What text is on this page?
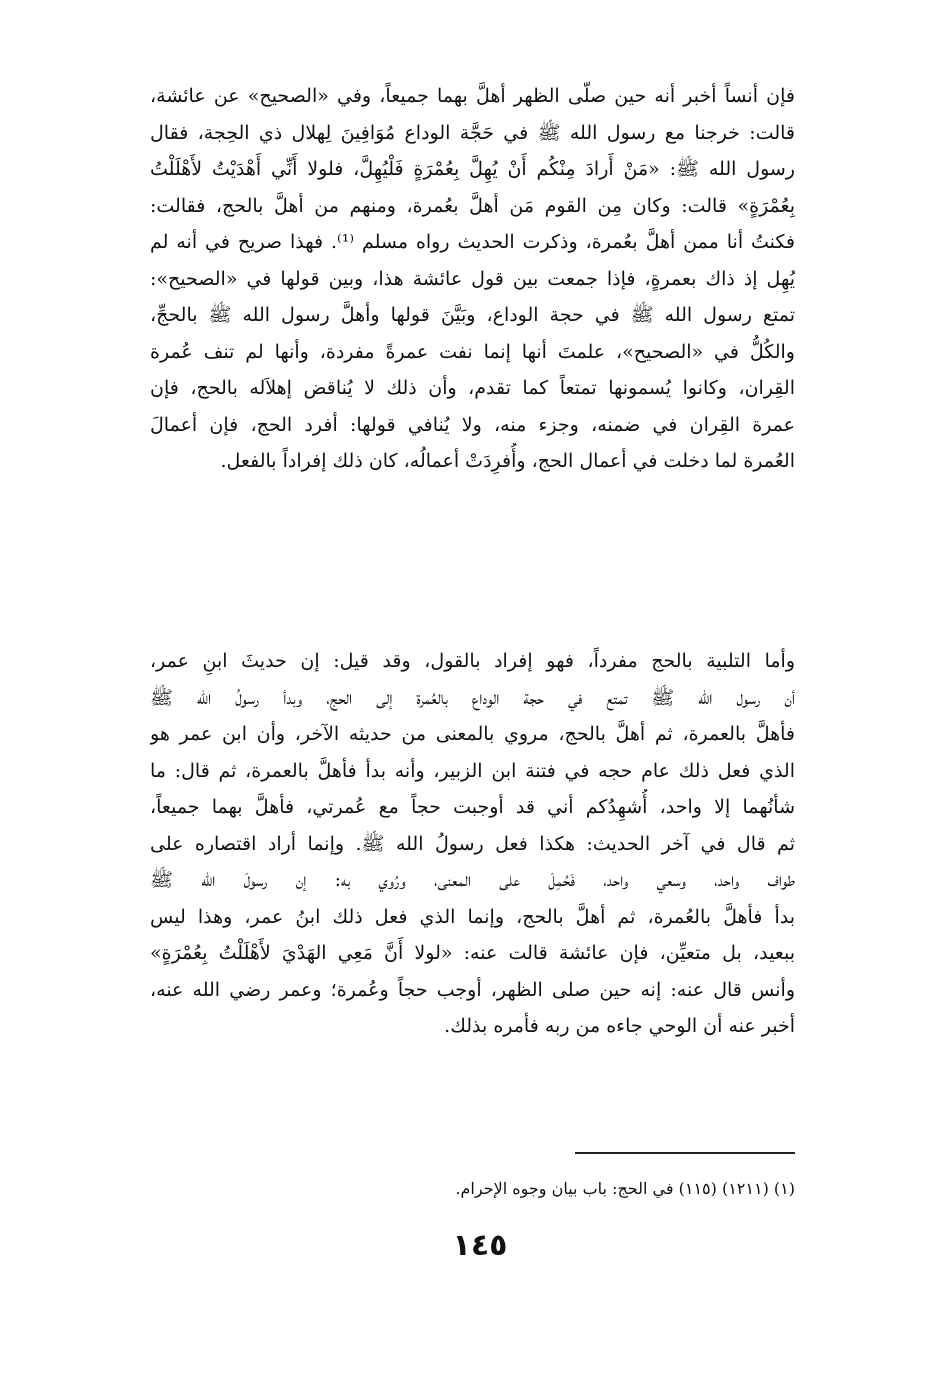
فإن أنساً أخبر أنه حين صلّى الظهر أهلَّ بهما جميعاً، وفي «الصحيح» عن عائشة،
قالت: خرجنا مع رسول الله ﷺ في حَجَّة الوداع مُوَافِينَ لِهلال ذي الحِجة، فقال
رسول الله ﷺ: «مَنْ أَرادَ مِنْكُم أَنْ يُهِلَّ بِعُمْرَةٍ فَلْيُهِلَّ، فلولا أَنِّي أَهْدَيْتُ لأَهْلَلْتُ
بِعُمْرَةٍ» قالت: وكان مِن القوم مَن أهلَّ بعُمرة، ومنهم من أهلَّ بالحج، فقالت:
فكنتُ أنا ممن أهلَّ بعُمرة، وذكرت الحديث رواه مسلم ⁽¹⁾. فهذا صريح في أنه لم
يُهِل إذ ذاك بعمرةٍ، فإذا جمعت بين قول عائشة هذا، وبين قولها في «الصحيح»:
تمتع رسول الله ﷺ في حجة الوداع، وبَيَّنَ قولها وأهلَّ رسول الله ﷺ بالحجِّ،
والكُلُّ في «الصحيح»، علمتَ أنها إنما نفت عمرةً مفردة، وأنها لم تنف عُمرة
القِران، وكانوا يُسمونها تمتعاً كما تقدم، وأن ذلك لا يُناقض إهلاَله بالحج، فإن
عمرة القِران في ضمنه، وجزء منه، ولا يُنافي قولها: أفرد الحج، فإن أعمالَ
العُمرة لما دخلت في أعمال الحج، وأُفرِدَتْ أعمالُه، كان ذلك إفراداً بالفعل.
وأما التلبية بالحج مفرداً، فهو إفراد بالقول، وقد قيل: إن حديثَ ابنِ عمر،
أن رسول الله ﷺ تمتع في حجة الوداع بالعُمرة إلى الحج، وبدأ رسولُ الله ﷺ
فأهلَّ بالعمرة، ثم أهلَّ بالحج، مروي بالمعنى من حديثه الآخر، وأن ابن عمر هو
الذي فعل ذلك عام حجه في فتنة ابن الزبير، وأنه بدأ فأهلَّ بالعمرة، ثم قال: ما
شأنُهما إلا واحد، أُشهِدُكم أني قد أوجبت حجاً مع عُمرتي، فأهلَّ بهما جميعاً،
ثم قال في آخر الحديث: هكذا فعل رسولُ الله ﷺ. وإنما أراد اقتصاره على
طواف واحد، وسعي واحد، فَحُمِلَ على المعنى، ورُوي به: إن رسولَ الله ﷺ
بدأ فأهلَّ بالعُمرة، ثم أهلَّ بالحج، وإنما الذي فعل ذلك ابنُ عمر، وهذا ليس
ببعيد، بل متعيِّن، فإن عائشة قالت عنه: «لولا أَنَّ مَعِي الهَدْيَ لأَهْلَلْتُ بِعُمْرَةٍ»
وأنس قال عنه: إنه حين صلى الظهر، أوجب حجاً وعُمرة؛ وعمر رضي الله عنه،
أخبر عنه أن الوحي جاءه من ربه فأمره بذلك.
(١) (١٢١١) (١١٥) في الحج: باب بيان وجوه الإحرام.
١٤٥
